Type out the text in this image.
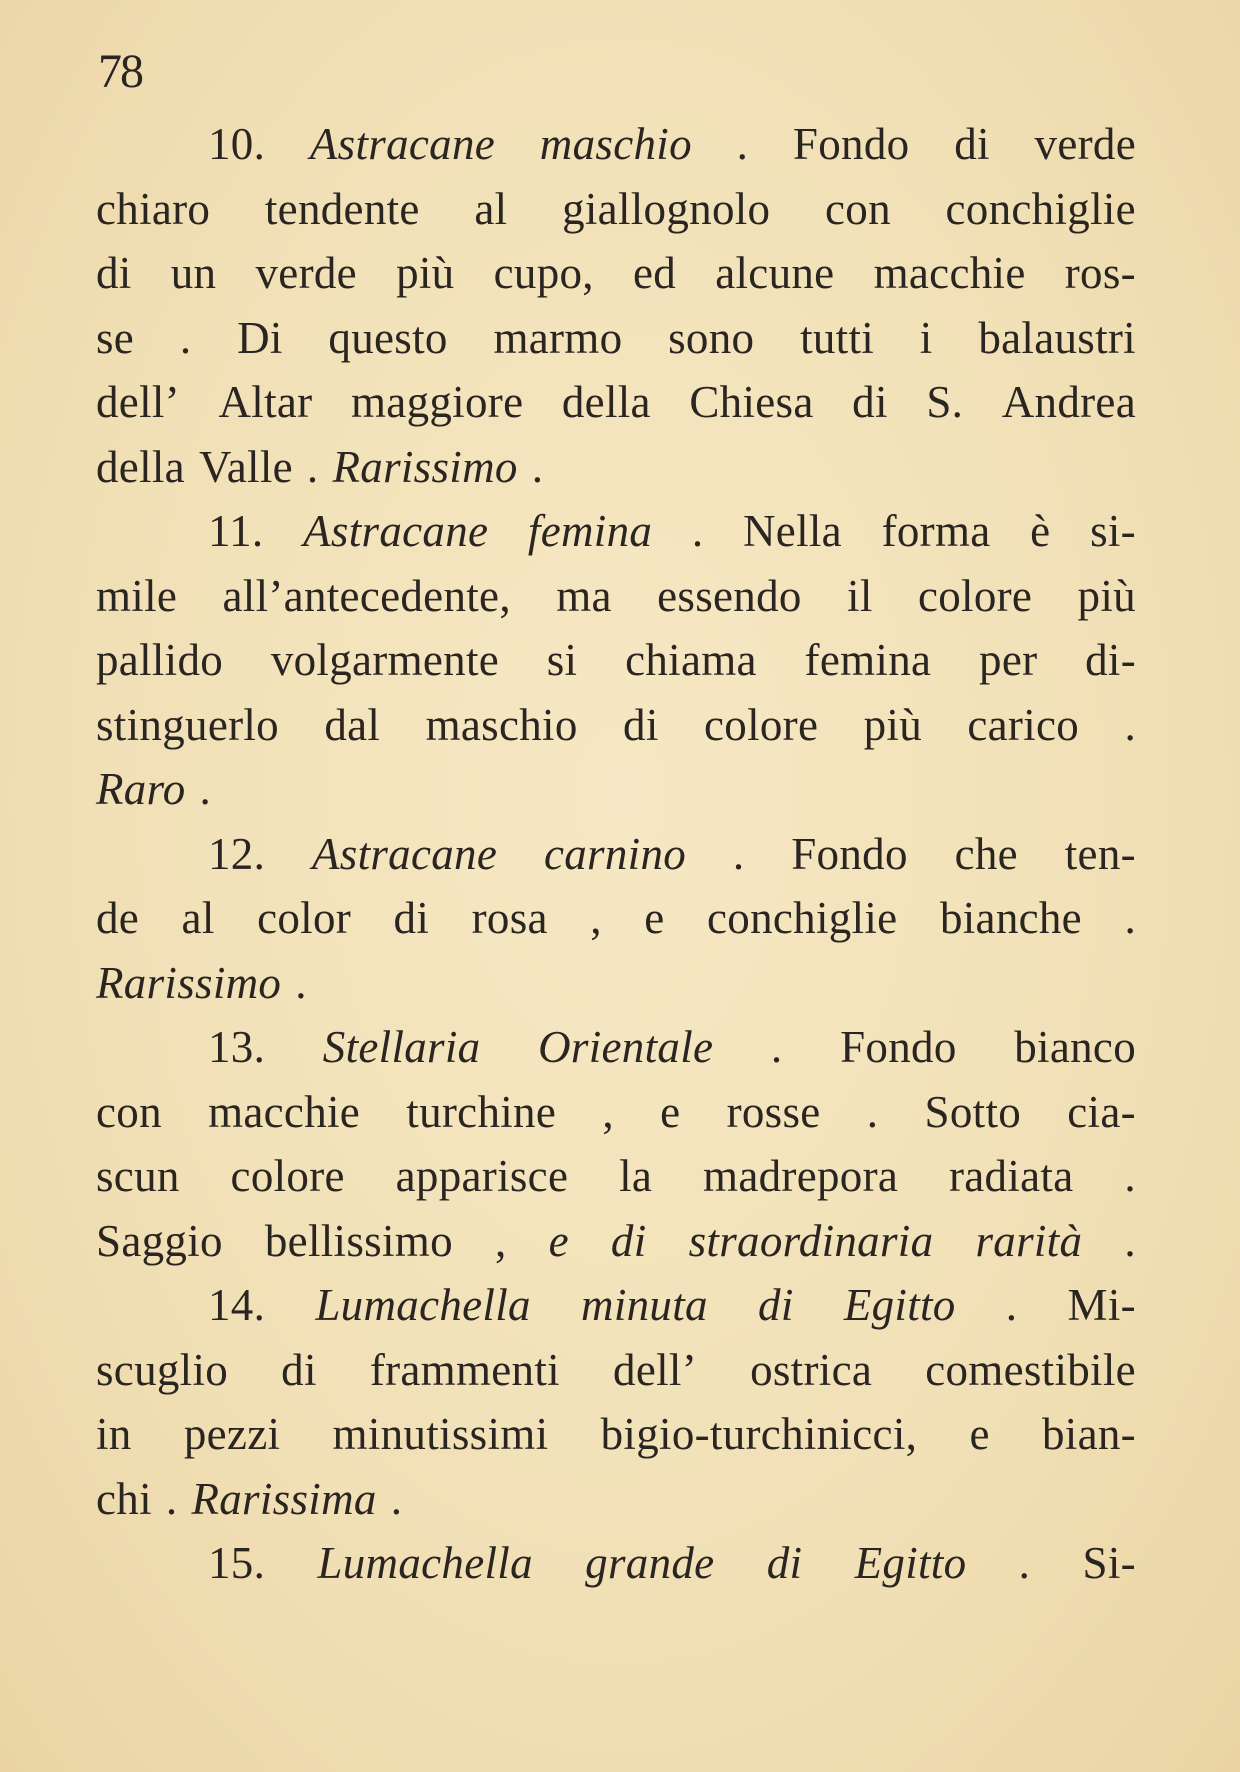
78
10. Astracane maschio . Fondo di verde
chiaro tendente al giallognolo con conchiglie
di un verde più cupo, ed alcune macchie ros-
se . Di questo marmo sono tutti i balaustri
dell’ Altar maggiore della Chiesa di S. Andrea
della Valle . Rarissimo .
11. Astracane femina . Nella forma è si-
mile all’antecedente, ma essendo il colore più
pallido volgarmente si chiama femina per di-
stinguerlo dal maschio di colore più carico .
Raro .
12. Astracane carnino . Fondo che ten-
de al color di rosa , e conchiglie bianche .
Rarissimo .
13. Stellaria Orientale . Fondo bianco
con macchie turchine , e rosse . Sotto cia-
scun colore apparisce la madrepora radiata .
Saggio bellissimo , e di straordinaria rarità .
14. Lumachella minuta di Egitto . Mi-
scuglio di frammenti dell’ ostrica comestibile
in pezzi minutissimi bigio-turchinicci, e bian-
chi . Rarissima .
15. Lumachella grande di Egitto . Si-
